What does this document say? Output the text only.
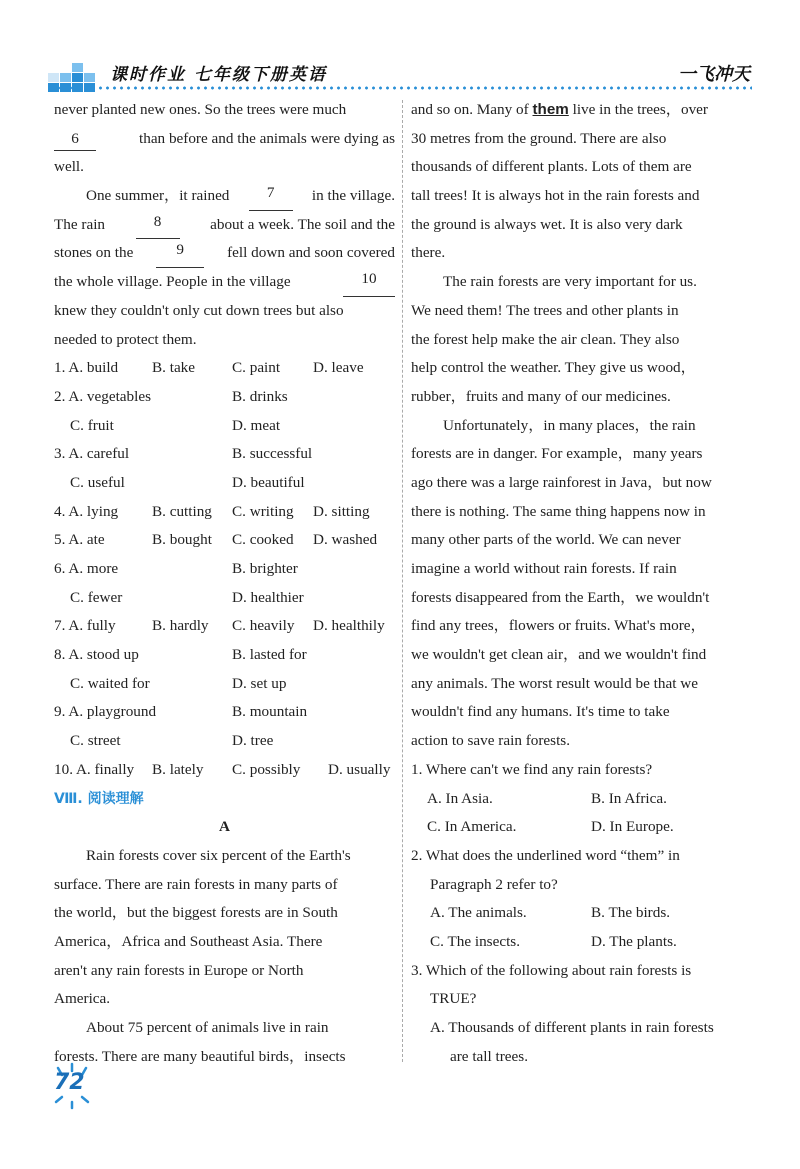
课时作业 七年级下册英语	一飞冲天
never planted new ones. So the trees were much
6	than before and the animals were dying as
well.
One summer，it rained	7	in the village.
The rain	8	about a week. The soil and the
stones on the	9	fell down and soon covered
the whole village. People in the village	10
knew they couldn't only cut down trees but also
needed to protect them.
1. A. build B. take C. paint D. leave
2. A. vegetables	B. drinks
C. fruit	D. meat
3. A. careful	B. successful
C. useful	D. beautiful
4. A. lying B. cutting C. writing D. sitting
5. A. ate	B. bought C. cooked D. washed
6. A. more	B. brighter
C. fewer	D. healthier
7. A. fully B. hardly C. heavily D. healthily
8. A. stood up	B. lasted for
C. waited for	D. set up
9. A. playground	B. mountain
C. street	D. tree
10. A. finally B. lately C. possibly D. usually
Ⅷ. 阅读理解
A
Rain forests cover six percent of the Earth's
surface. There are rain forests in many parts of
the world，but the biggest forests are in South
America，Africa and Southeast Asia. There
aren't any rain forests in Europe or North
America.
About 75 percent of animals live in rain
forests. There are many beautiful birds，insects
and so on. Many of them live in the trees，over
30 metres from the ground. There are also
thousands of different plants. Lots of them are
tall trees! It is always hot in the rain forests and
the ground is always wet. It is also very dark
there.
The rain forests are very important for us.
We need them! The trees and other plants in
the forest help make the air clean. They also
help control the weather. They give us wood，
rubber，fruits and many of our medicines.
Unfortunately，in many places，the rain
forests are in danger. For example，many years
ago there was a large rainforest in Java，but now
there is nothing. The same thing happens now in
many other parts of the world. We can never
imagine a world without rain forests. If rain
forests disappeared from the Earth，we wouldn't
find any trees，flowers or fruits. What's more，
we wouldn't get clean air，and we wouldn't find
any animals. The worst result would be that we
wouldn't find any humans. It's time to take
action to save rain forests.
1. Where can't we find any rain forests?
A. In Asia.	B. In Africa.
C. In America.	D. In Europe.
2. What does the underlined word “them” in
Paragraph 2 refer to?
A. The animals.	B. The birds.
C. The insects.	D. The plants.
3. Which of the following about rain forests is
TRUE?
A. Thousands of different plants in rain forests
are tall trees.
72
